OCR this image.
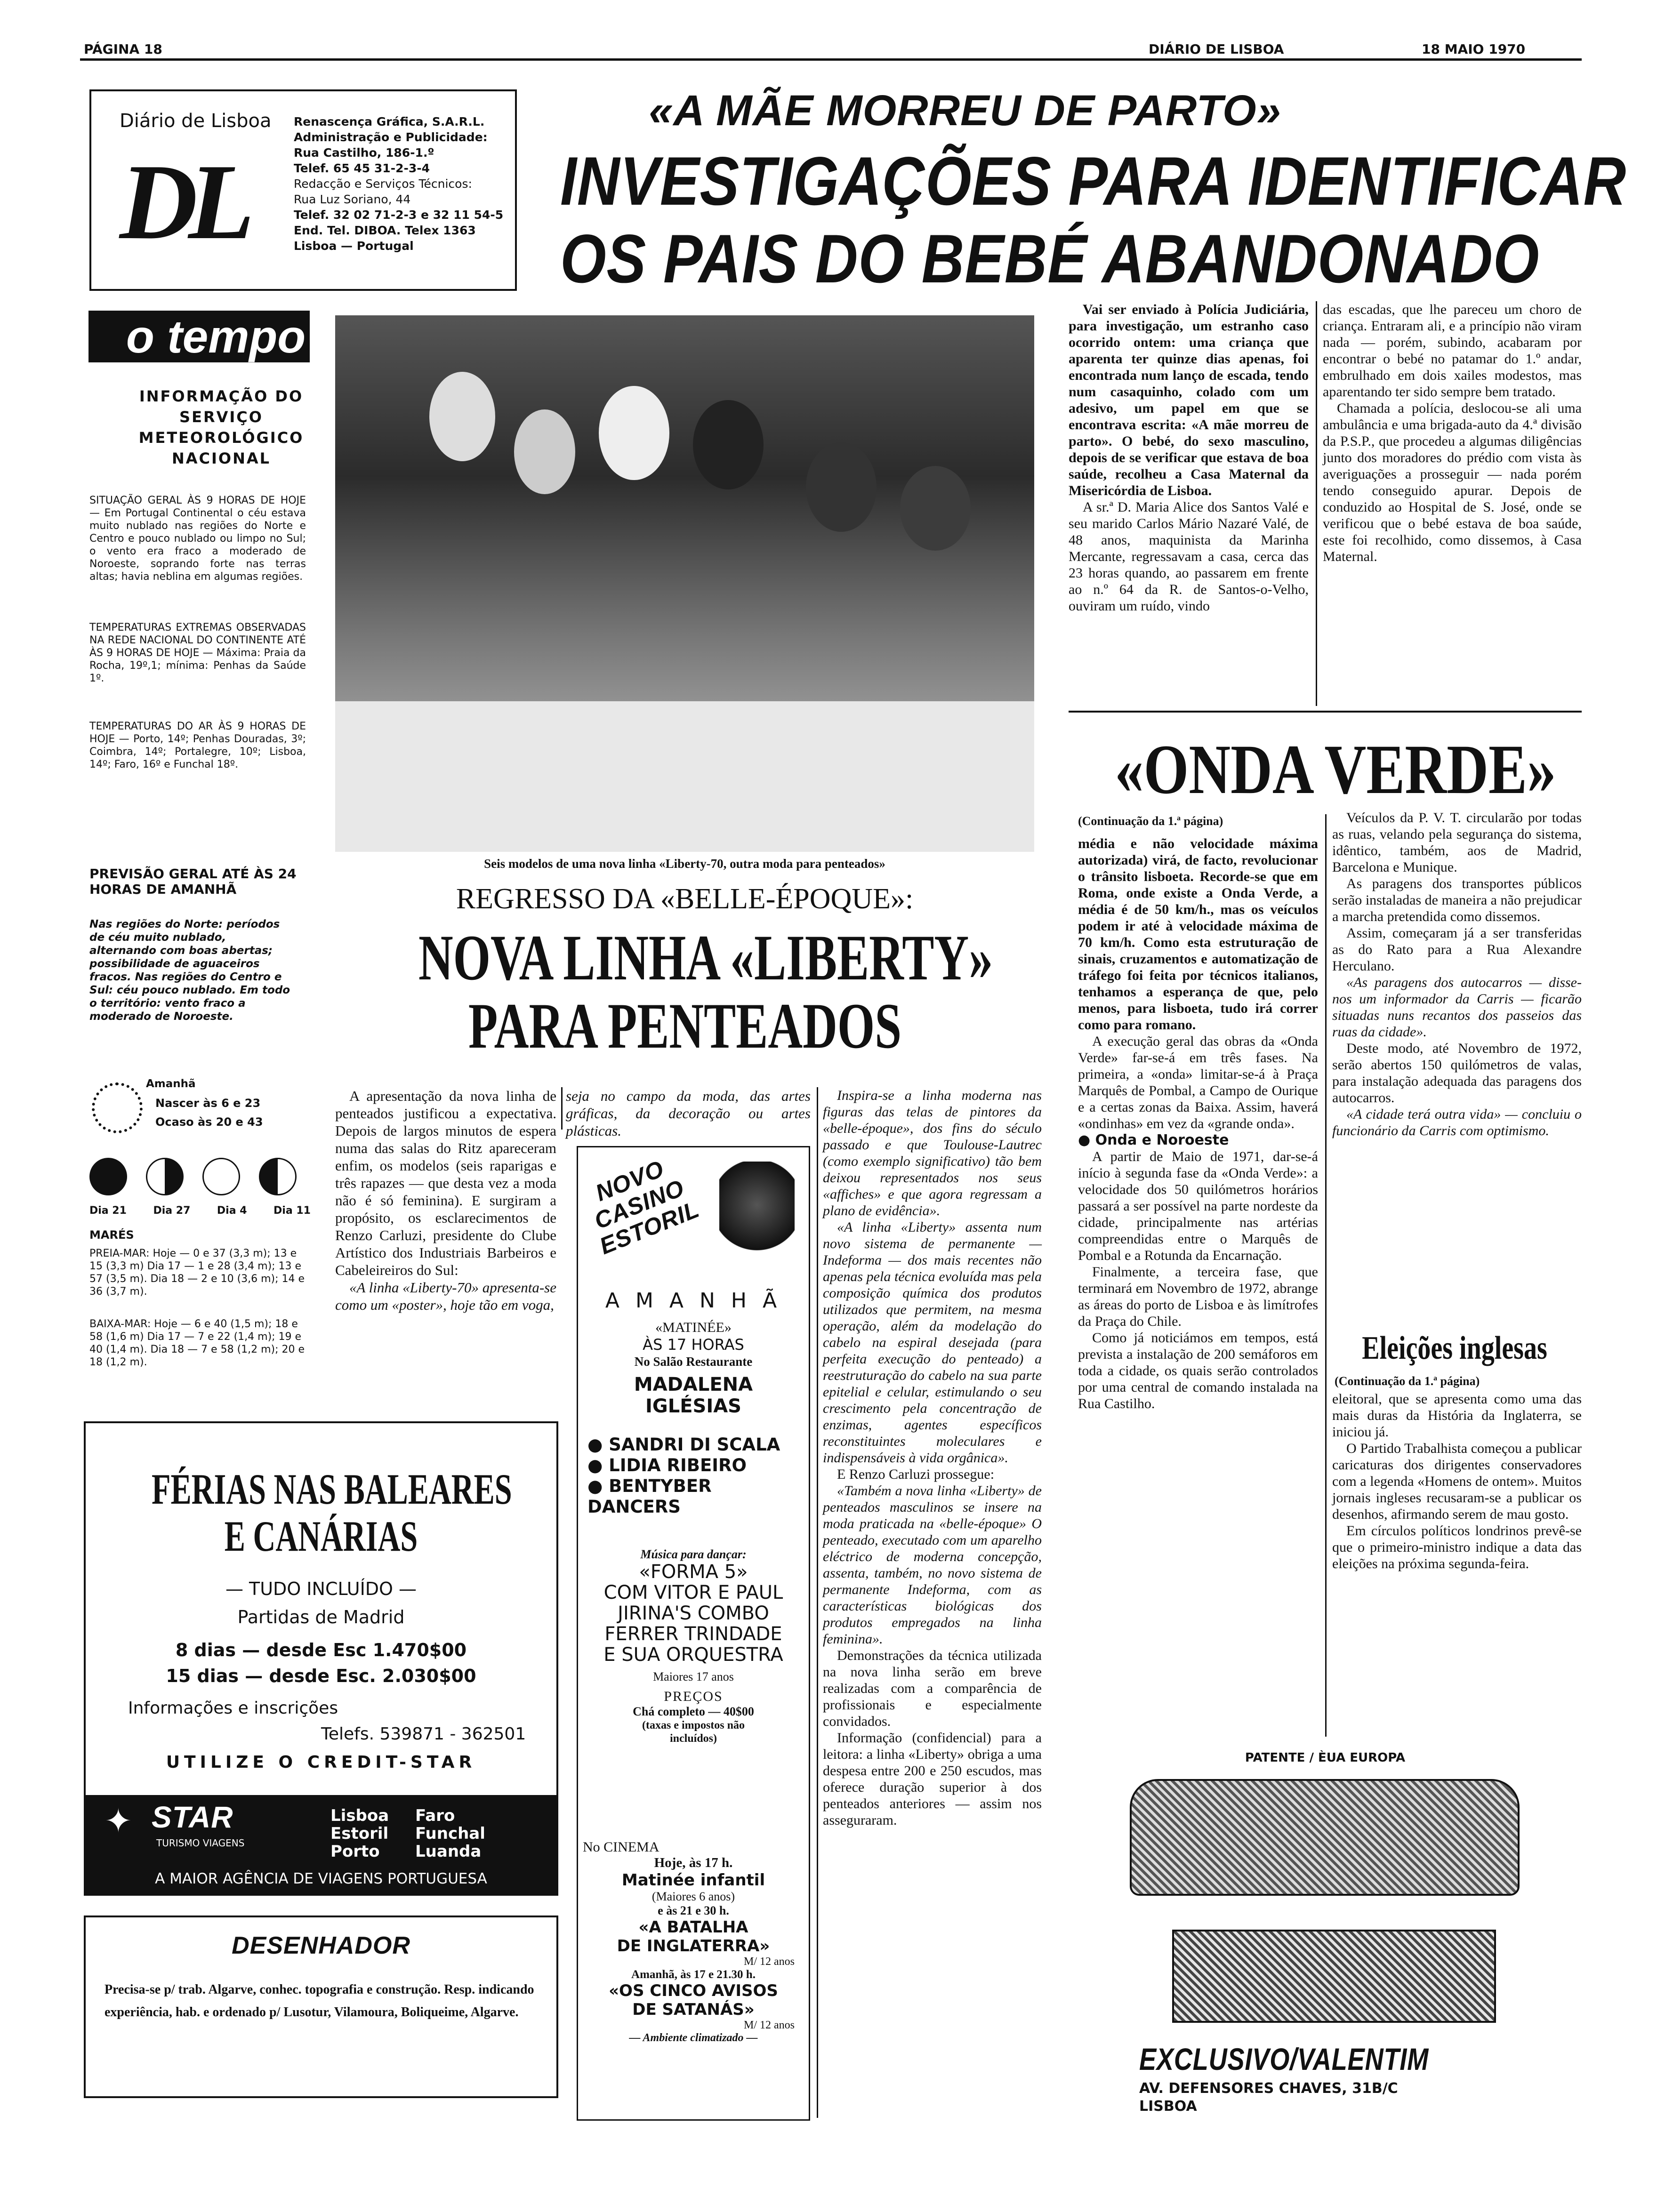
PÁGINA 18	DIÁRIO DE LISBOA	18 MAIO 1970
Diário de Lisboa
DL
Renascença Gráfica, S.A.R.L.
Administração e Publicidade:
Rua Castilho, 186-1.º
Telef. 65 45 31-2-3-4
Redacção e Serviços Técnicos:
Rua Luz Soriano, 44
Telef. 32 02 71-2-3 e 32 11 54-5
End. Tel. DIBOA. Telex 1363
Lisboa — Portugal
«A MÃE MORREU DE PARTO»
INVESTIGAÇÕES PARA IDENTIFICAR
OS PAIS DO BEBÉ ABANDONADO
o tempo
INFORMAÇÃO DO SERVIÇO METEOROLÓGICO NACIONAL
SITUAÇÃO GERAL ÀS 9 HORAS DE HOJE — Em Portugal Continental o céu estava muito nublado nas regiões do Norte e Centro e pouco nublado ou limpo no Sul; o vento era fraco a moderado de Noroeste, soprando forte nas terras altas; havia neblina em algumas regiões.
TEMPERATURAS EXTREMAS OBSERVADAS NA REDE NACIONAL DO CONTINENTE ATÉ ÀS 9 HORAS DE HOJE — Máxima: Praia da Rocha, 19º,1; mínima: Penhas da Saúde 1º.
TEMPERATURAS DO AR ÀS 9 HORAS DE HOJE — Porto, 14º; Penhas Douradas, 3º; Coimbra, 14º; Portalegre, 10º; Lisboa, 14º; Faro, 16º e Funchal 18º.
PREVISÃO GERAL ATÉ ÀS 24 HORAS DE AMANHÃ
Nas regiões do Norte: períodos de céu muito nublado, alternando com boas abertas; possibilidade de aguaceiros fracos. Nas regiões do Centro e Sul: céu pouco nublado. Em todo o território: vento fraco a moderado de Noroeste.
Amanhã
Nascer às 6 e 23
Ocaso às 20 e 43
Dia 21	Dia 27	Dia 4	Dia 11
MARÉS
PREIA-MAR: Hoje — 0 e 37 (3,3 m); 13 e 15 (3,3 m) Dia 17 — 1 e 28 (3,4 m); 13 e 57 (3,5 m). Dia 18 — 2 e 10 (3,6 m); 14 e 36 (3,7 m).
BAIXA-MAR: Hoje — 6 e 40 (1,5 m); 18 e 58 (1,6 m) Dia 17 — 7 e 22 (1,4 m); 19 e 40 (1,4 m). Dia 18 — 7 e 58 (1,2 m); 20 e 18 (1,2 m).
Seis modelos de uma nova linha «Liberty-70, outra moda para penteados»
REGRESSO DA «BELLE-ÉPOQUE»:
NOVA LINHA «LIBERTY»
PARA PENTEADOS

A apresentação da nova linha de penteados justificou a expectativa. Depois de largos minutos de espera numa das salas do Ritz apareceram enfim, os modelos (seis raparigas e três rapazes — que desta vez a moda não é só feminina). E surgiram a propósito, os esclarecimentos de Renzo Carluzi, presidente do Clube Artístico dos Industriais Barbeiros e Cabeleireiros do Sul:

«A linha «Liberty-70» apresenta-se como um «poster», hoje tão em voga,

seja no campo da moda, das artes gráficas, da decoração ou artes plásticas.

Inspira-se a linha moderna nas figuras das telas de pintores da «belle-époque», dos fins do século passado e que Toulouse-Lautrec (como exemplo significativo) tão bem deixou representados nos seus «affiches» e que agora regressam a plano de evidência».

«A linha «Liberty» assenta num novo sistema de permanente — Indeforma — dos mais recentes não apenas pela técnica evoluída mas pela composição química dos produtos utilizados que permitem, na mesma operação, além da modelação do cabelo na espiral desejada (para perfeita execução do penteado) a reestruturação do cabelo na sua parte epitelial e celular, estimulando o seu crescimento pela concentração de enzimas, agentes específicos reconstituintes moleculares e indispensáveis à vida orgânica».

E Renzo Carluzi prossegue:

«Também a nova linha «Liberty» de penteados masculinos se insere na moda praticada na «belle-époque» O penteado, executado com um aparelho eléctrico de moderna concepção, assenta, também, no novo sistema de permanente Indeforma, com as características biológicas dos produtos empregados na linha feminina».

Demonstrações da técnica utilizada na nova linha serão em breve realizadas com a comparência de profissionais e especialmente convidados.

Informação (confidencial) para a leitora: a linha «Liberty» obriga a uma despesa entre 200 e 250 escudos, mas oferece duração superior à dos penteados anteriores — assim nos asseguraram.

NOVO CASINO ESTORIL
A M A N H Ã
«MATINÉE»
ÀS 17 HORAS
No Salão Restaurante
MADALENA
IGLÉSIAS
● SANDRI DI SCALA
● LIDIA RIBEIRO
● BENTYBER DANCERS
Música para dançar:
«FORMA 5»
COM VITOR E PAUL
JIRINA'S COMBO
FERRER TRINDADE
E SUA ORQUESTRA
Maiores 17 anos
PREÇOS
Chá completo — 40$00
(taxas e impostos não incluídos)
No CINEMA
Hoje, às 17 h.
Matinée infantil
(Maiores 6 anos)
e às 21 e 30 h.
«A BATALHA
DE INGLATERRA»
M/ 12 anos
Amanhã, às 17 e 21.30 h.
«OS CINCO AVISOS
DE SATANÁS»
M/ 12 anos
— Ambiente climatizado —

Vai ser enviado à Polícia Judiciária, para investigação, um estranho caso ocorrido ontem: uma criança que aparenta ter quinze dias apenas, foi encontrada num lanço de escada, tendo num casaquinho, colado com um adesivo, um papel em que se encontrava escrita: «A mãe morreu de parto». O bebé, do sexo masculino, depois de se verificar que estava de boa saúde, recolheu a Casa Maternal da Misericórdia de Lisboa.

A sr.ª D. Maria Alice dos Santos Valé e seu marido Carlos Mário Nazaré Valé, de 48 anos, maquinista da Marinha Mercante, regressavam a casa, cerca das 23 horas quando, ao passarem em frente ao n.º 64 da R. de Santos-o-Velho, ouviram um ruído, vindo

das escadas, que lhe pareceu um choro de criança. Entraram ali, e a princípio não viram nada — porém, subindo, acabaram por encontrar o bebé no patamar do 1.º andar, embrulhado em dois xailes modestos, mas aparentando ter sido sempre bem tratado.

Chamada a polícia, deslocou-se ali uma ambulância e uma brigada-auto da 4.ª divisão da P.S.P., que procedeu a algumas diligências junto dos moradores do prédio com vista às averiguações a prosseguir — nada porém tendo conseguido apurar. Depois de conduzido ao Hospital de S. José, onde se verificou que o bebé estava de boa saúde, este foi recolhido, como dissemos, à Casa Maternal.

«ONDA VERDE»
(Continuação da 1.ª página)

média e não velocidade máxima autorizada) virá, de facto, revolucionar o trânsito lisboeta. Recorde-se que em Roma, onde existe a Onda Verde, a média é de 50 km/h., mas os veículos podem ir até à velocidade máxima de 70 km/h. Como esta estruturação de sinais, cruzamentos e automatização de tráfego foi feita por técnicos italianos, tenhamos a esperança de que, pelo menos, para lisboeta, tudo irá correr como para romano.

A execução geral das obras da «Onda Verde» far-se-á em três fases. Na primeira, a «onda» limitar-se-á à Praça Marquês de Pombal, a Campo de Ourique e a certas zonas da Baixa. Assim, haverá «ondinhas» em vez da «grande onda».

● Onda e Noroeste

A partir de Maio de 1971, dar-se-á início à segunda fase da «Onda Verde»: a velocidade dos 50 quilómetros horários passará a ser possível na parte nordeste da cidade, principalmente nas artérias compreendidas entre o Marquês de Pombal e a Rotunda da Encarnação.

Finalmente, a terceira fase, que terminará em Novembro de 1972, abrange as áreas do porto de Lisboa e às limítrofes da Praça do Chile.

Como já noticiámos em tempos, está prevista a instalação de 200 semáforos em toda a cidade, os quais serão controlados por uma central de comando instalada na Rua Castilho.

Veículos da P. V. T. circularão por todas as ruas, velando pela segurança do sistema, idêntico, também, aos de Madrid, Barcelona e Munique.

As paragens dos transportes públicos serão instaladas de maneira a não prejudicar a marcha pretendida como dissemos.

Assim, começaram já a ser transferidas as do Rato para a Rua Alexandre Herculano.

«As paragens dos autocarros — disse-nos um informador da Carris — ficarão situadas nuns recantos dos passeios das ruas da cidade».

Deste modo, até Novembro de 1972, serão abertos 150 quilómetros de valas, para instalação adequada das paragens dos autocarros.

«A cidade terá outra vida» — concluiu o funcionário da Carris com optimismo.

Eleições inglesas
(Continuação da 1.ª página)

eleitoral, que se apresenta como uma das mais duras da História da Inglaterra, se iniciou já.

O Partido Trabalhista começou a publicar caricaturas dos dirigentes conservadores com a legenda «Homens de ontem». Muitos jornais ingleses recusaram-se a publicar os desenhos, afirmando serem de mau gosto.

Em círculos políticos londrinos prevê-se que o primeiro-ministro indique a data das eleições na próxima segunda-feira.

PATENTE / ÈUA EUROPA
EXCLUSIVO/VALENTIM
AV. DEFENSORES CHAVES, 31B/C
LISBOA
FÉRIAS NAS BALEARES
E CANÁRIAS
— TUDO INCLUÍDO —
Partidas de Madrid
8 dias — desde Esc 1.470$00
15 dias — desde Esc. 2.030$00
Informações e inscrições
Telefs. 539871 - 362501
UTILIZE O CREDIT-STAR
✦ STAR
TURISMO VIAGENS
Lisboa
Estoril
Porto
Faro
Funchal
Luanda
A MAIOR AGÊNCIA DE VIAGENS PORTUGUESA
DESENHADOR
Precisa-se p/ trab. Algarve, conhec. topografia e construção. Resp. indicando experiência, hab. e ordenado p/ Lusotur, Vilamoura, Boliqueime, Algarve.
